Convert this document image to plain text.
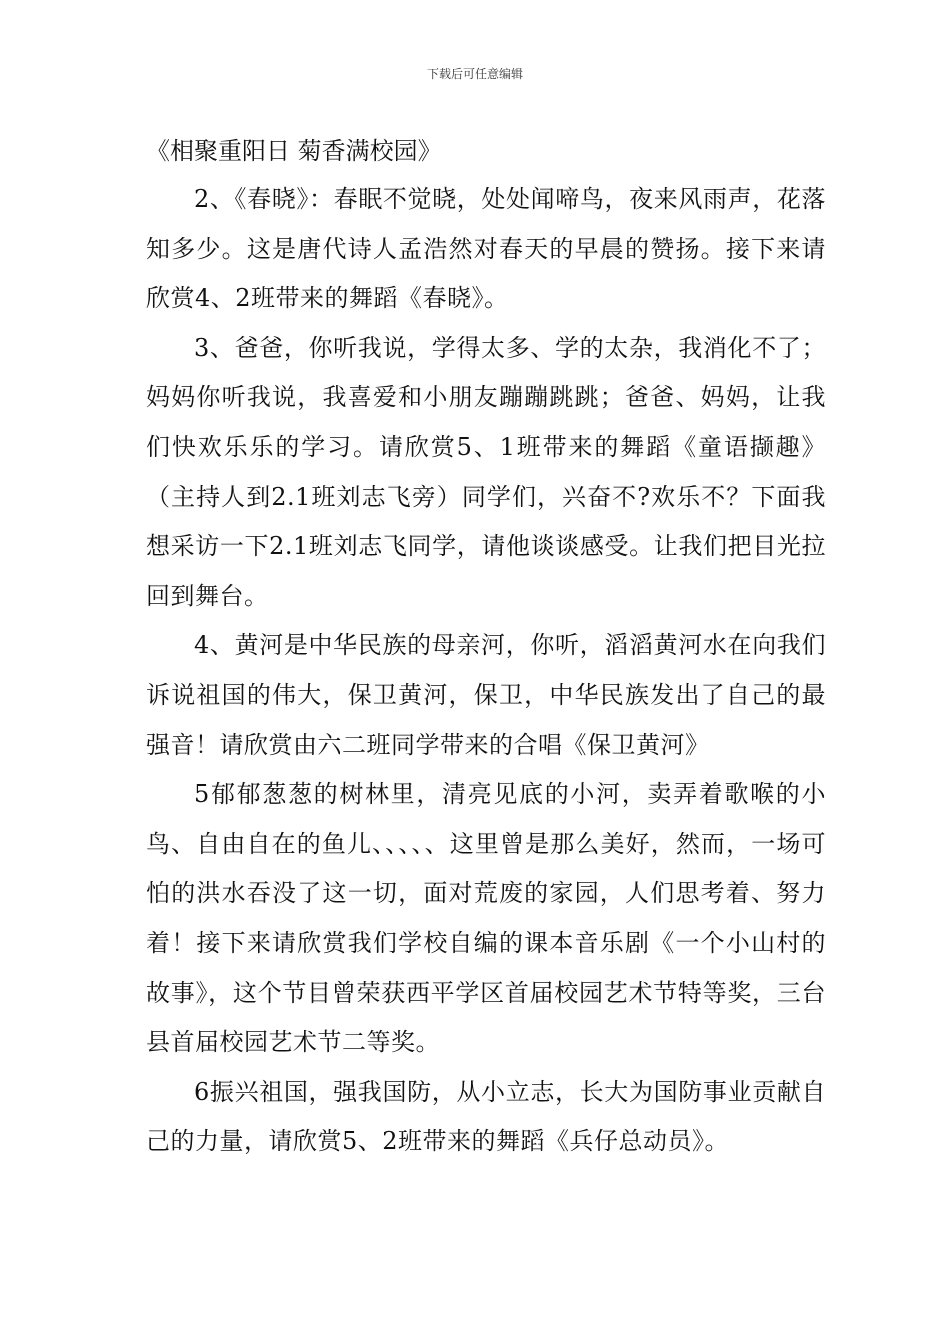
下载后可任意编辑

《相聚重阳日 菊香满校园》

2、《春晓》：春眠不觉晓，处处闻啼鸟，夜来风雨声，花落知多少。这是唐代诗人孟浩然对春天的早晨的赞扬。接下来请欣赏4、2班带来的舞蹈《春晓》。

3、爸爸，你听我说，学得太多、学的太杂，我消化不了；妈妈你听我说，我喜爱和小朋友蹦蹦跳跳；爸爸、妈妈，让我们快欢乐乐的学习。请欣赏5、1班带来的舞蹈《童语撷趣》（主持人到2.1班刘志飞旁）同学们，兴奋不?欢乐不？下面我想采访一下2.1班刘志飞同学，请他谈谈感受。让我们把目光拉回到舞台。

4、黄河是中华民族的母亲河，你听，滔滔黄河水在向我们诉说祖国的伟大，保卫黄河，保卫，中华民族发出了自己的最强音！请欣赏由六二班同学带来的合唱《保卫黄河》

5郁郁葱葱的树林里，清亮见底的小河，卖弄着歌喉的小鸟、自由自在的鱼儿、、、、、这里曾是那么美好，然而，一场可怕的洪水吞没了这一切，面对荒废的家园，人们思考着、努力着！接下来请欣赏我们学校自编的课本音乐剧《一个小山村的故事》，这个节目曾荣获西平学区首届校园艺术节特等奖，三台县首届校园艺术节二等奖。

6振兴祖国，强我国防，从小立志，长大为国防事业贡献自己的力量，请欣赏5、2班带来的舞蹈《兵仔总动员》。
